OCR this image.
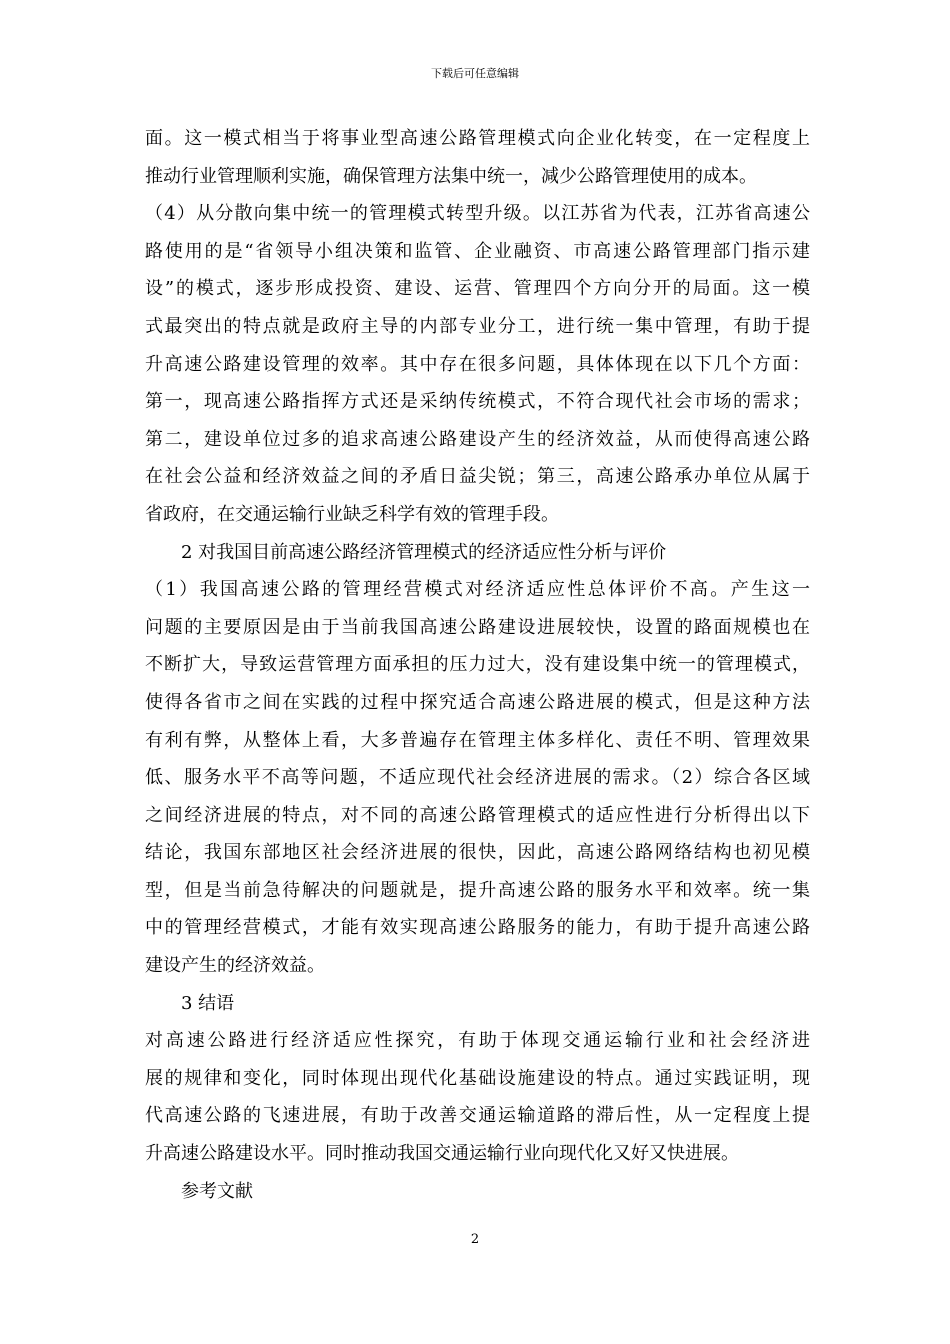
下载后可任意编辑

面。这一模式相当于将事业型高速公路管理模式向企业化转变，在一定程度上
推动行业管理顺利实施，确保管理方法集中统一，减少公路管理使用的成本。

（4）从分散向集中统一的管理模式转型升级。以江苏省为代表，江苏省高速公
路使用的是“省领导小组决策和监管、企业融资、市高速公路管理部门指示建
设”的模式，逐步形成投资、建设、运营、管理四个方向分开的局面。这一模
式最突出的特点就是政府主导的内部专业分工，进行统一集中管理，有助于提
升高速公路建设管理的效率。其中存在很多问题，具体体现在以下几个方面：
第一，现高速公路指挥方式还是采纳传统模式，不符合现代社会市场的需求；
第二，建设单位过多的追求高速公路建设产生的经济效益，从而使得高速公路
在社会公益和经济效益之间的矛盾日益尖锐；第三，高速公路承办单位从属于
省政府，在交通运输行业缺乏科学有效的管理手段。

2 对我国目前高速公路经济管理模式的经济适应性分析与评价

（1）我国高速公路的管理经营模式对经济适应性总体评价不高。产生这一
问题的主要原因是由于当前我国高速公路建设进展较快，设置的路面规模也在
不断扩大，导致运营管理方面承担的压力过大，没有建设集中统一的管理模式，
使得各省市之间在实践的过程中探究适合高速公路进展的模式，但是这种方法
有利有弊，从整体上看，大多普遍存在管理主体多样化、责任不明、管理效果
低、服务水平不高等问题，不适应现代社会经济进展的需求。（2）综合各区域
之间经济进展的特点，对不同的高速公路管理模式的适应性进行分析得出以下
结论，我国东部地区社会经济进展的很快，因此，高速公路网络结构也初见模
型，但是当前急待解决的问题就是，提升高速公路的服务水平和效率。统一集
中的管理经营模式，才能有效实现高速公路服务的能力，有助于提升高速公路
建设产生的经济效益。

3 结语

对高速公路进行经济适应性探究，有助于体现交通运输行业和社会经济进
展的规律和变化，同时体现出现代化基础设施建设的特点。通过实践证明，现
代高速公路的飞速进展，有助于改善交通运输道路的滞后性，从一定程度上提
升高速公路建设水平。同时推动我国交通运输行业向现代化又好又快进展。

参考文献

2
